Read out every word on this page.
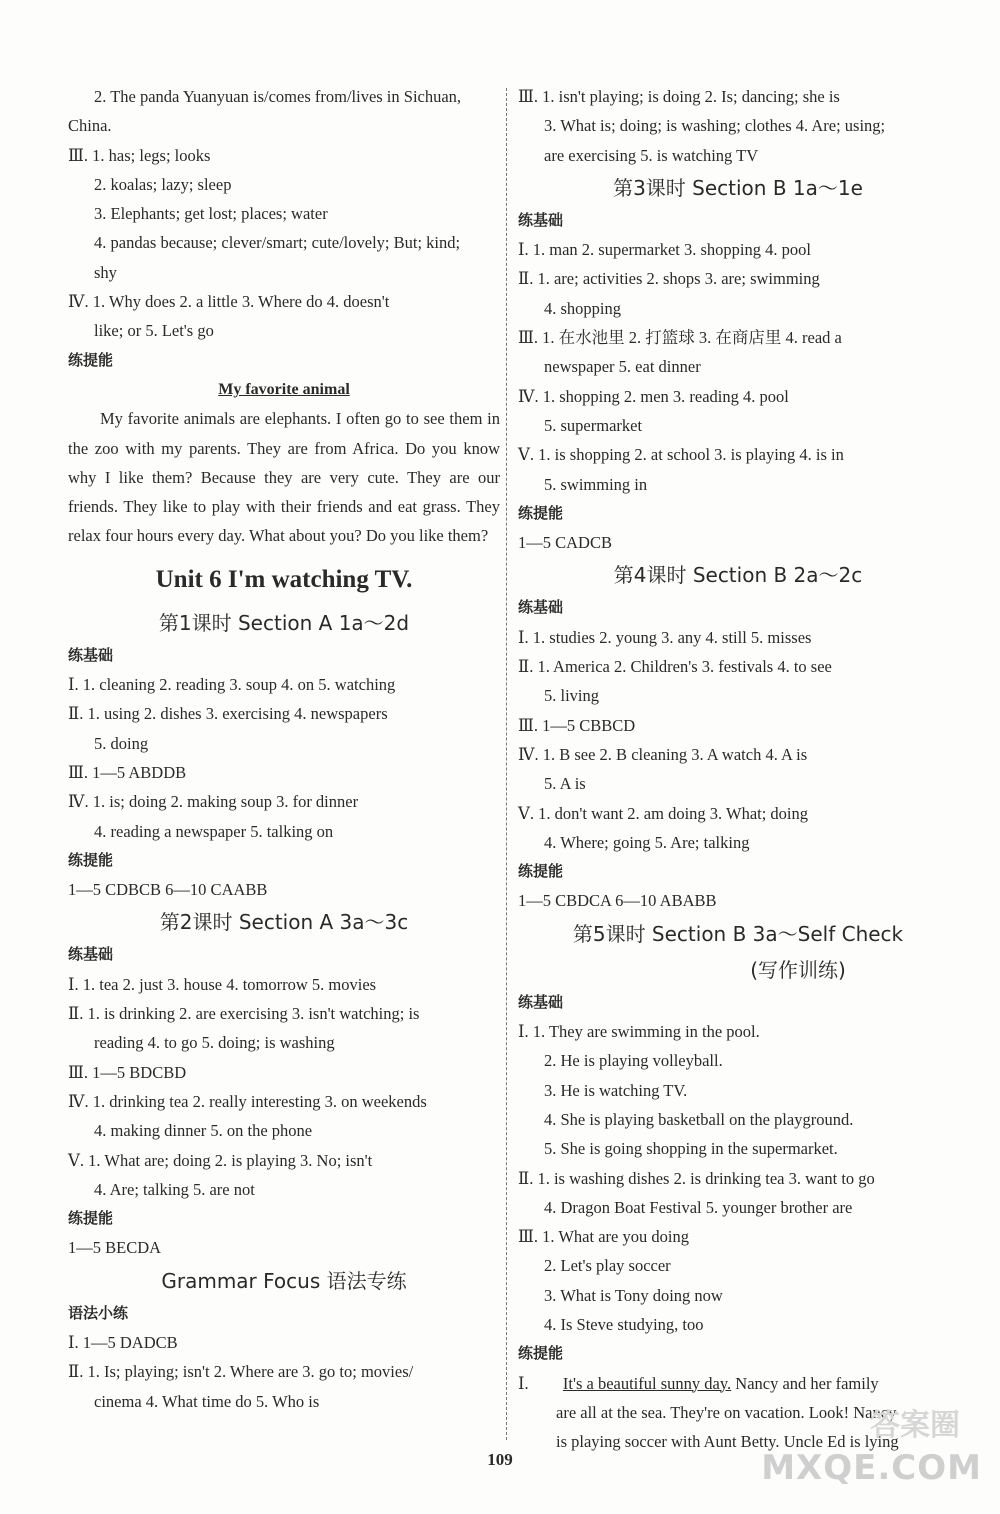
2. The panda Yuanyuan is/comes from/lives in Sichuan,
China.
Ⅲ. 1. has; legs; looks
2. koalas; lazy; sleep
3. Elephants; get lost; places; water
4. pandas because; clever/smart; cute/lovely; But; kind;
shy
Ⅳ. 1. Why does 2. a little 3. Where do 4. doesn't
like; or 5. Let's go
练提能
My favorite animal
My favorite animals are elephants. I often go to see them in the zoo with my parents. They are from Africa. Do you know why I like them? Because they are very cute. They are our friends. They like to play with their friends and eat grass. They relax four hours every day. What about you? Do you like them?
Unit 6 I'm watching TV.
第1课时 Section A 1a～2d
练基础
Ⅰ. 1. cleaning 2. reading 3. soup 4. on 5. watching
Ⅱ. 1. using 2. dishes 3. exercising 4. newspapers
5. doing
Ⅲ. 1—5 ABDDB
Ⅳ. 1. is; doing 2. making soup 3. for dinner
4. reading a newspaper 5. talking on
练提能
1—5 CDBCB 6—10 CAABB
第2课时 Section A 3a～3c
练基础
Ⅰ. 1. tea 2. just 3. house 4. tomorrow 5. movies
Ⅱ. 1. is drinking 2. are exercising 3. isn't watching; is
reading 4. to go 5. doing; is washing
Ⅲ. 1—5 BDCBD
Ⅳ. 1. drinking tea 2. really interesting 3. on weekends
4. making dinner 5. on the phone
Ⅴ. 1. What are; doing 2. is playing 3. No; isn't
4. Are; talking 5. are not
练提能
1—5 BECDA
Grammar Focus 语法专练
语法小练
Ⅰ. 1—5 DADCB
Ⅱ. 1. Is; playing; isn't 2. Where are 3. go to; movies/
cinema 4. What time do 5. Who is
Ⅲ. 1. isn't playing; is doing 2. Is; dancing; she is
3. What is; doing; is washing; clothes 4. Are; using;
are exercising 5. is watching TV
第3课时 Section B 1a～1e
练基础
Ⅰ. 1. man 2. supermarket 3. shopping 4. pool
Ⅱ. 1. are; activities 2. shops 3. are; swimming
4. shopping
Ⅲ. 1. 在水池里 2. 打篮球 3. 在商店里 4. read a
newspaper 5. eat dinner
Ⅳ. 1. shopping 2. men 3. reading 4. pool
5. supermarket
Ⅴ. 1. is shopping 2. at school 3. is playing 4. is in
5. swimming in
练提能
1—5 CADCB
第4课时 Section B 2a～2c
练基础
Ⅰ. 1. studies 2. young 3. any 4. still 5. misses
Ⅱ. 1. America 2. Children's 3. festivals 4. to see
5. living
Ⅲ. 1—5 CBBCD
Ⅳ. 1. B see 2. B cleaning 3. A watch 4. A is
5. A is
Ⅴ. 1. don't want 2. am doing 3. What; doing
4. Where; going 5. Are; talking
练提能
1—5 CBDCA 6—10 ABABB
第5课时 Section B 3a～Self Check
(写作训练)
练基础
Ⅰ. 1. They are swimming in the pool.
2. He is playing volleyball.
3. He is watching TV.
4. She is playing basketball on the playground.
5. She is going shopping in the supermarket.
Ⅱ. 1. is washing dishes 2. is drinking tea 3. want to go
4. Dragon Boat Festival 5. younger brother are
Ⅲ. 1. What are you doing
2. Let's play soccer
3. What is Tony doing now
4. Is Steve studying, too
练提能
Ⅰ. It's a beautiful sunny day. Nancy and her family
are all at the sea. They're on vacation. Look! Nancy
is playing soccer with Aunt Betty. Uncle Ed is lying
109
答案圈
MXQE.COM
